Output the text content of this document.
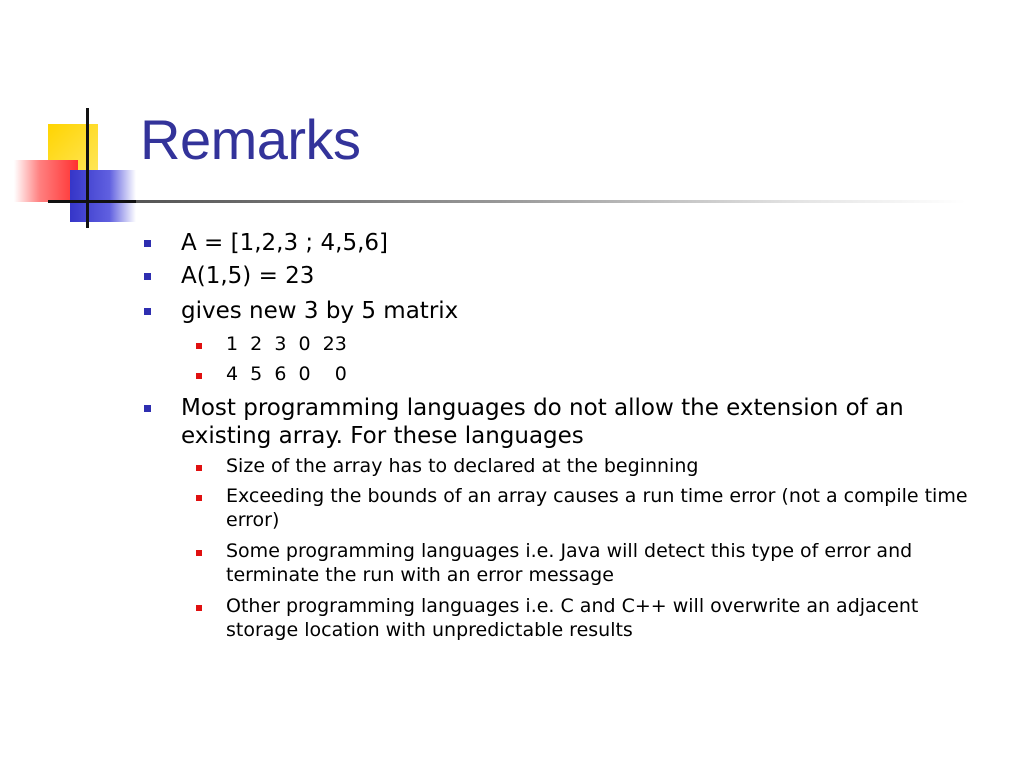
Remarks
A = [1,2,3 ; 4,5,6]
A(1,5) = 23
gives new 3 by 5 matrix
1  2  3  0  23
4  5  6  0    0
Most programming languages do not allow the extension of an existing array. For these languages
Size of the array has to declared at the beginning
Exceeding the bounds of an array causes a run time error (not a compile time error)
Some programming languages i.e. Java will detect this type of error and terminate the run with an error message
Other programming languages i.e. C and C++ will overwrite an adjacent storage location with unpredictable results
